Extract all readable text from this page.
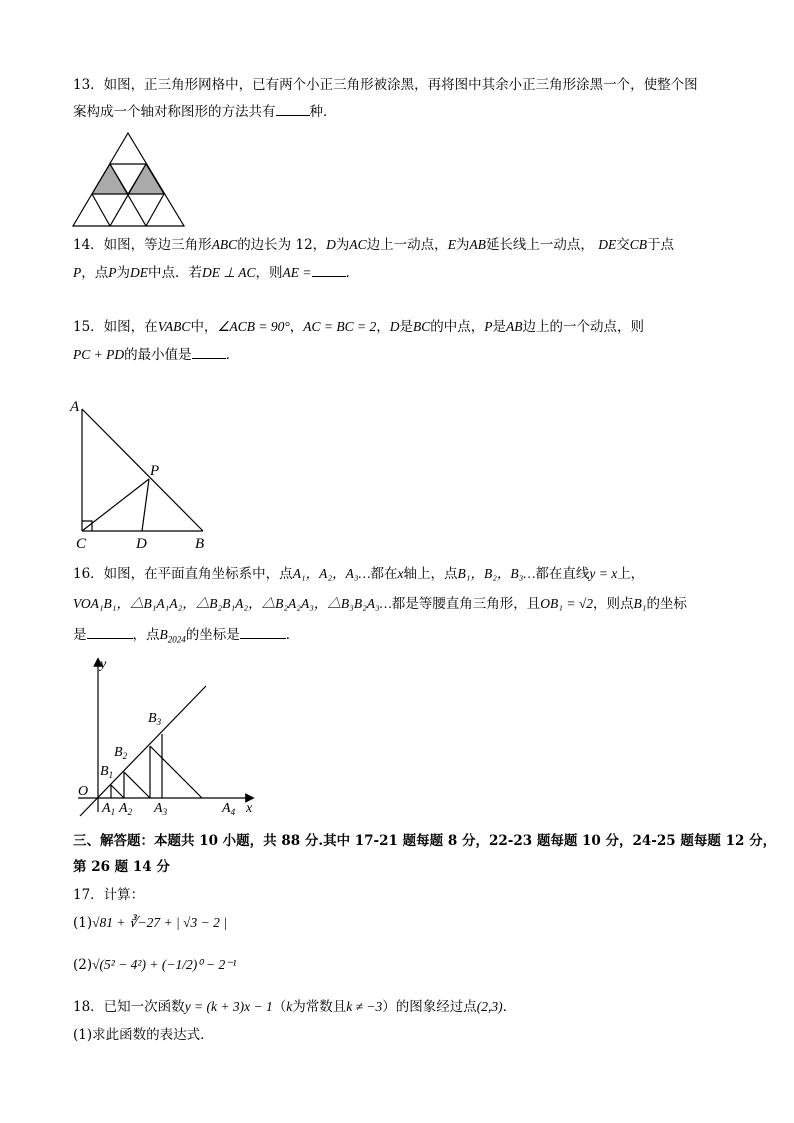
13．如图，正三角形网格中，已有两个小正三角形被涂黑，再将图中其余小正三角形涂黑一个，使整个图
案构成一个轴对称图形的方法共有	种．
14．如图，等边三角形ABC的边长为 12，D为AC边上一动点，E为AB延长线上一动点， DE交CB于点
P，点P为DE中点．若DE ⊥ AC，则AE =	．
15．如图，在VABC中，∠ACB = 90°，AC = BC = 2，D是BC的中点，P是AB边上的一个动点，则
PC + PD的最小值是	．
A
P
C	D	B
16．如图，在平面直角坐标系中，点A₁，A₂，A₃…都在x轴上，点B₁，B₂，B₃…都在直线y = x上，
VOA₁B₁，△B₁A₁A₂，△B₂B₁A₂，△B₂A₂A₃，△B₃B₂A₃…都是等腰直角三角形，且OB₁ = √2，则点B₁的坐标
是	，点$B_{2024}$的坐标是	．
y
x
O
$B_1$
$B_2$
$B_3$
$A_1$ $A_2$ $A_3$	$A_4$
三、解答题：本题共 10 小题，共 88 分.其中 17-21 题每题 8 分，22-23 题每题 10 分，24-25 题每题 12 分，
第 26 题 14 分
17．计算：
(1)√81 + ∛−27 + | √3 − 2 |
(2)√(5² − 4²) + (−1/2)⁰ − 2⁻¹
18．已知一次函数y = (k + 3)x − 1（k为常数且k ≠ −3）的图象经过点(2,3)．
(1)求此函数的表达式．
